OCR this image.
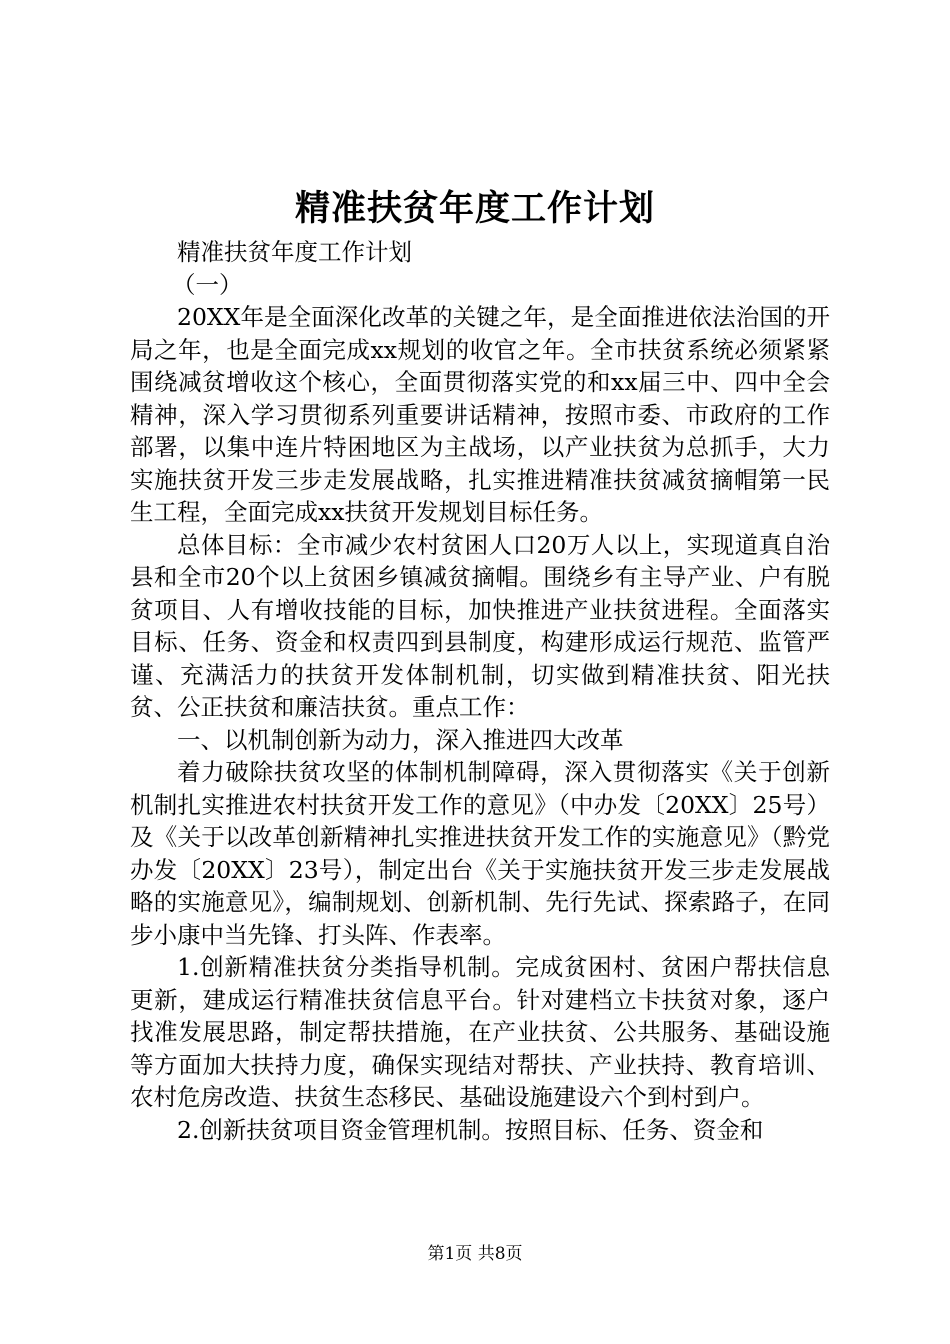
精准扶贫年度工作计划

精准扶贫年度工作计划

（一）

20XX年是全面深化改革的关键之年，是全面推进依法治国的开局之年，也是全面完成xx规划的收官之年。全市扶贫系统必须紧紧围绕减贫增收这个核心，全面贯彻落实党的和xx届三中、四中全会精神，深入学习贯彻系列重要讲话精神，按照市委、市政府的工作部署，以集中连片特困地区为主战场，以产业扶贫为总抓手，大力实施扶贫开发三步走发展战略，扎实推进精准扶贫减贫摘帽第一民生工程，全面完成xx扶贫开发规划目标任务。

总体目标：全市减少农村贫困人口20万人以上，实现道真自治县和全市20个以上贫困乡镇减贫摘帽。围绕乡有主导产业、户有脱贫项目、人有增收技能的目标，加快推进产业扶贫进程。全面落实目标、任务、资金和权责四到县制度，构建形成运行规范、监管严谨、充满活力的扶贫开发体制机制，切实做到精准扶贫、阳光扶贫、公正扶贫和廉洁扶贫。重点工作：

一、以机制创新为动力，深入推进四大改革

着力破除扶贫攻坚的体制机制障碍，深入贯彻落实《关于创新机制扎实推进农村扶贫开发工作的意见》（中办发〔20XX〕25号）及《关于以改革创新精神扎实推进扶贫开发工作的实施意见》（黔党办发〔20XX〕23号），制定出台《关于实施扶贫开发三步走发展战略的实施意见》，编制规划、创新机制、先行先试、探索路子，在同步小康中当先锋、打头阵、作表率。

1.创新精准扶贫分类指导机制。完成贫困村、贫困户帮扶信息更新，建成运行精准扶贫信息平台。针对建档立卡扶贫对象，逐户找准发展思路，制定帮扶措施，在产业扶贫、公共服务、基础设施等方面加大扶持力度，确保实现结对帮扶、产业扶持、教育培训、农村危房改造、扶贫生态移民、基础设施建设六个到村到户。

2.创新扶贫项目资金管理机制。按照目标、任务、资金和

第1页 共8页
